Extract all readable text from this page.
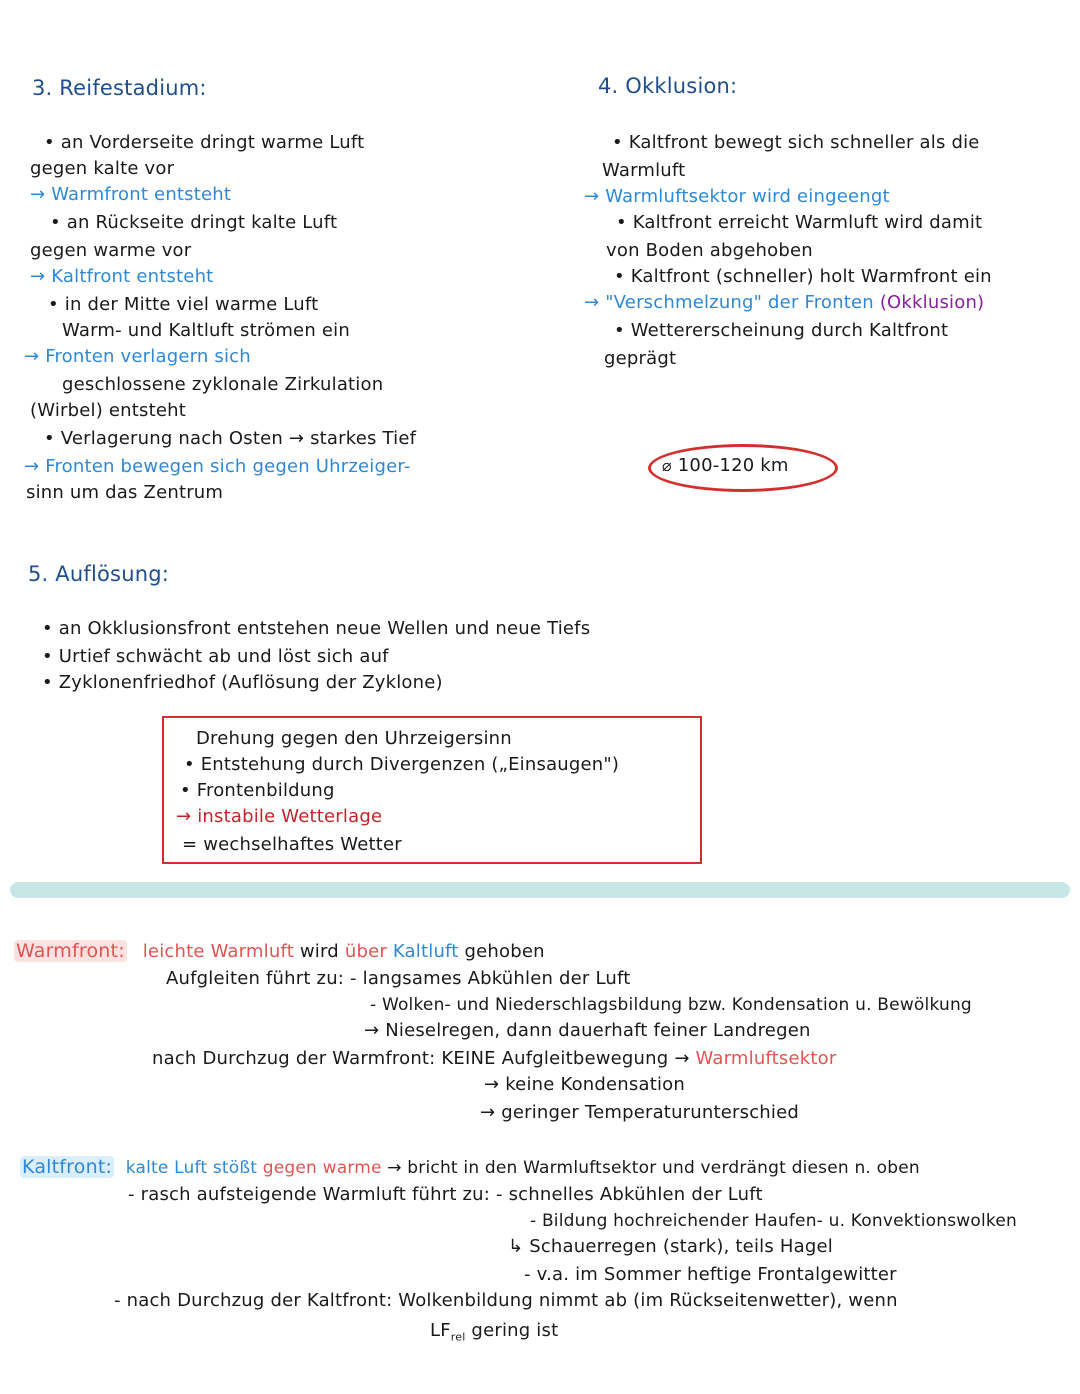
3. Reifestadium:
• an Vorderseite dringt warme Luft
gegen kalte vor
→ Warmfront entsteht
• an Rückseite dringt kalte Luft
gegen warme vor
→ Kaltfront entsteht
• in der Mitte viel warme Luft
Warm- und Kaltluft strömen ein
→ Fronten verlagern sich
geschlossene zyklonale Zirkulation
(Wirbel) entsteht
• Verlagerung nach Osten → starkes Tief
→ Fronten bewegen sich gegen Uhrzeiger-
sinn um das Zentrum
4. Okklusion:
• Kaltfront bewegt sich schneller als die
Warmluft
→ Warmluftsektor wird eingeengt
• Kaltfront erreicht Warmluft wird damit
von Boden abgehoben
• Kaltfront (schneller) holt Warmfront ein
→ "Verschmelzung" der Fronten (Okklusion)
• Wettererscheinung durch Kaltfront
geprägt
⌀ 100-120 km
5. Auflösung:
• an Okklusionsfront entstehen neue Wellen und neue Tiefs
• Urtief schwächt ab und löst sich auf
• Zyklonenfriedhof (Auflösung der Zyklone)
Drehung gegen den Uhrzeigersinn
• Entstehung durch Divergenzen („Einsaugen")
• Frontenbildung
→ instabile Wetterlage
= wechselhaftes Wetter
Warmfront: leichte Warmluft wird über Kaltluft gehoben
Aufgleiten führt zu: - langsames Abkühlen der Luft
- Wolken- und Niederschlagsbildung bzw. Kondensation u. Bewölkung
→ Nieselregen, dann dauerhaft feiner Landregen
nach Durchzug der Warmfront: KEINE Aufgleitbewegung → Warmluftsektor
→ keine Kondensation
→ geringer Temperaturunterschied
Kaltfront: kalte Luft stößt gegen warme → bricht in den Warmluftsektor und verdrängt diesen n. oben
- rasch aufsteigende Warmluft führt zu: - schnelles Abkühlen der Luft
- Bildung hochreichender Haufen- u. Konvektionswolken
↳ Schauerregen (stark), teils Hagel
- v.a. im Sommer heftige Frontalgewitter
- nach Durchzug der Kaltfront: Wolkenbildung nimmt ab (im Rückseitenwetter), wenn
$LF_{rel}$ gering ist
